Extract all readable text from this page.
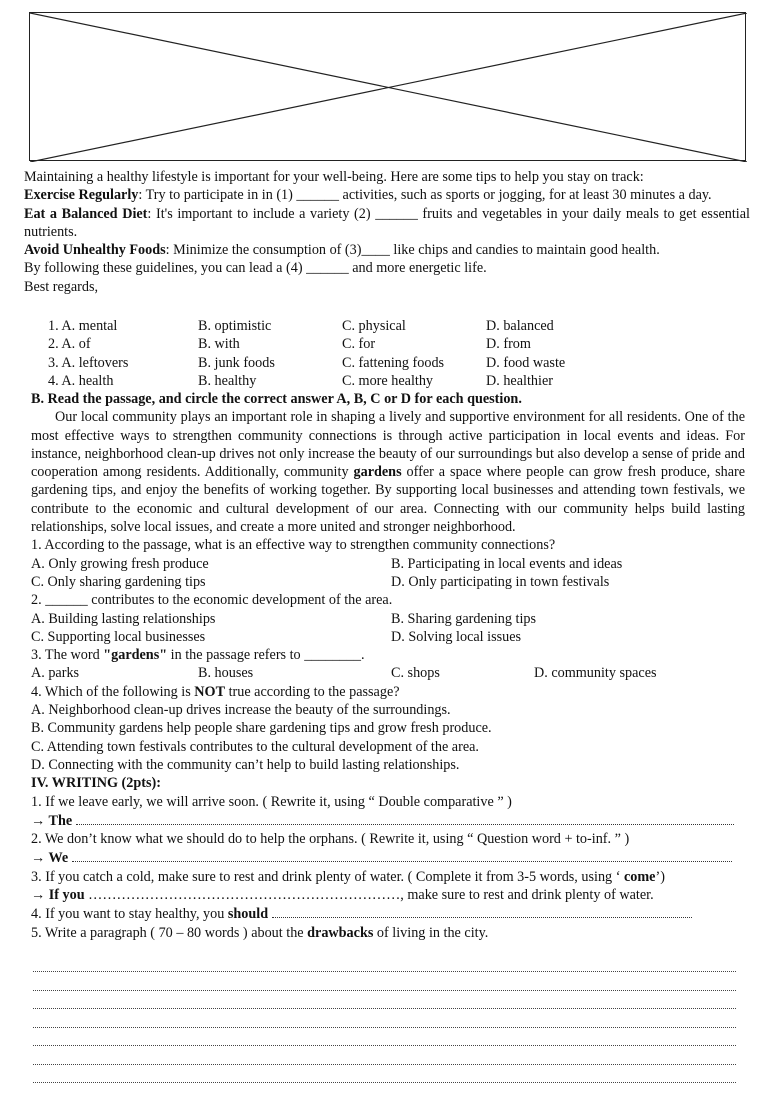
Maintaining a healthy lifestyle is important for your well-being. Here are some tips to help you stay on track:

Exercise Regularly: Try to participate in in (1) ______ activities, such as sports or jogging, for at least 30 minutes a day.

Eat a Balanced Diet: It's important to include a variety (2) ______ fruits and vegetables in your daily meals to get essential nutrients.

Avoid Unhealthy Foods: Minimize the consumption of (3)____ like chips and candies to maintain good health.

By following these guidelines, you can lead a (4) ______ and more energetic life.

Best regards,

1. A. mental	B. optimistic	C. physical	D. balanced
2. A. of	B. with	C. for	D. from
3. A. leftovers	B. junk foods	C. fattening foods	D. food waste
4. A. health	B. healthy	C. more healthy	D. healthier

B. Read the passage, and circle the correct answer A, B, C or D for each question.

Our local community plays an important role in shaping a lively and supportive environment for all residents. One of the most effective ways to strengthen community connections is through active participation in local events and ideas. For instance, neighborhood clean-up drives not only increase the beauty of our surroundings but also develop a sense of pride and cooperation among residents. Additionally, community gardens offer a space where people can grow fresh produce, share gardening tips, and enjoy the benefits of working together. By supporting local businesses and attending town festivals, we contribute to the economic and cultural development of our area. Connecting with our community helps build lasting relationships, solve local issues, and create a more united and stronger neighborhood.

1. According to the passage, what is an effective way to strengthen community connections?

A. Only growing fresh produce	B. Participating in local events and ideas
C. Only sharing gardening tips	D. Only participating in town festivals

2. ______ contributes to the economic development of the area.

A. Building lasting relationships	B. Sharing gardening tips
C. Supporting local businesses	D. Solving local issues

3. The word "gardens" in the passage refers to ________.

A. parks	B. houses	C. shops	D. community spaces

4. Which of the following is NOT true according to the passage?

A. Neighborhood clean-up drives increase the beauty of the surroundings.

B. Community gardens help people share gardening tips and grow fresh produce.

C. Attending town festivals contributes to the cultural development of the area.

D. Connecting with the community can’t help to build lasting relationships.

IV. WRITING (2pts):

1. If we leave early, we will arrive soon. ( Rewrite it, using “ Double comparative ” )

→ The

2. We don’t know what we should do to help the orphans. ( Rewrite it, using “ Question word + to-inf. ” )

→ We

3. If you catch a cold, make sure to rest and drink plenty of water. ( Complete it from 3-5 words, using ‘ come’)

→ If you …………………………………………………………, make sure to rest and drink plenty of water.

4. If you want to stay healthy, you should

5. Write a paragraph ( 70 – 80 words ) about the drawbacks of living in the city.
